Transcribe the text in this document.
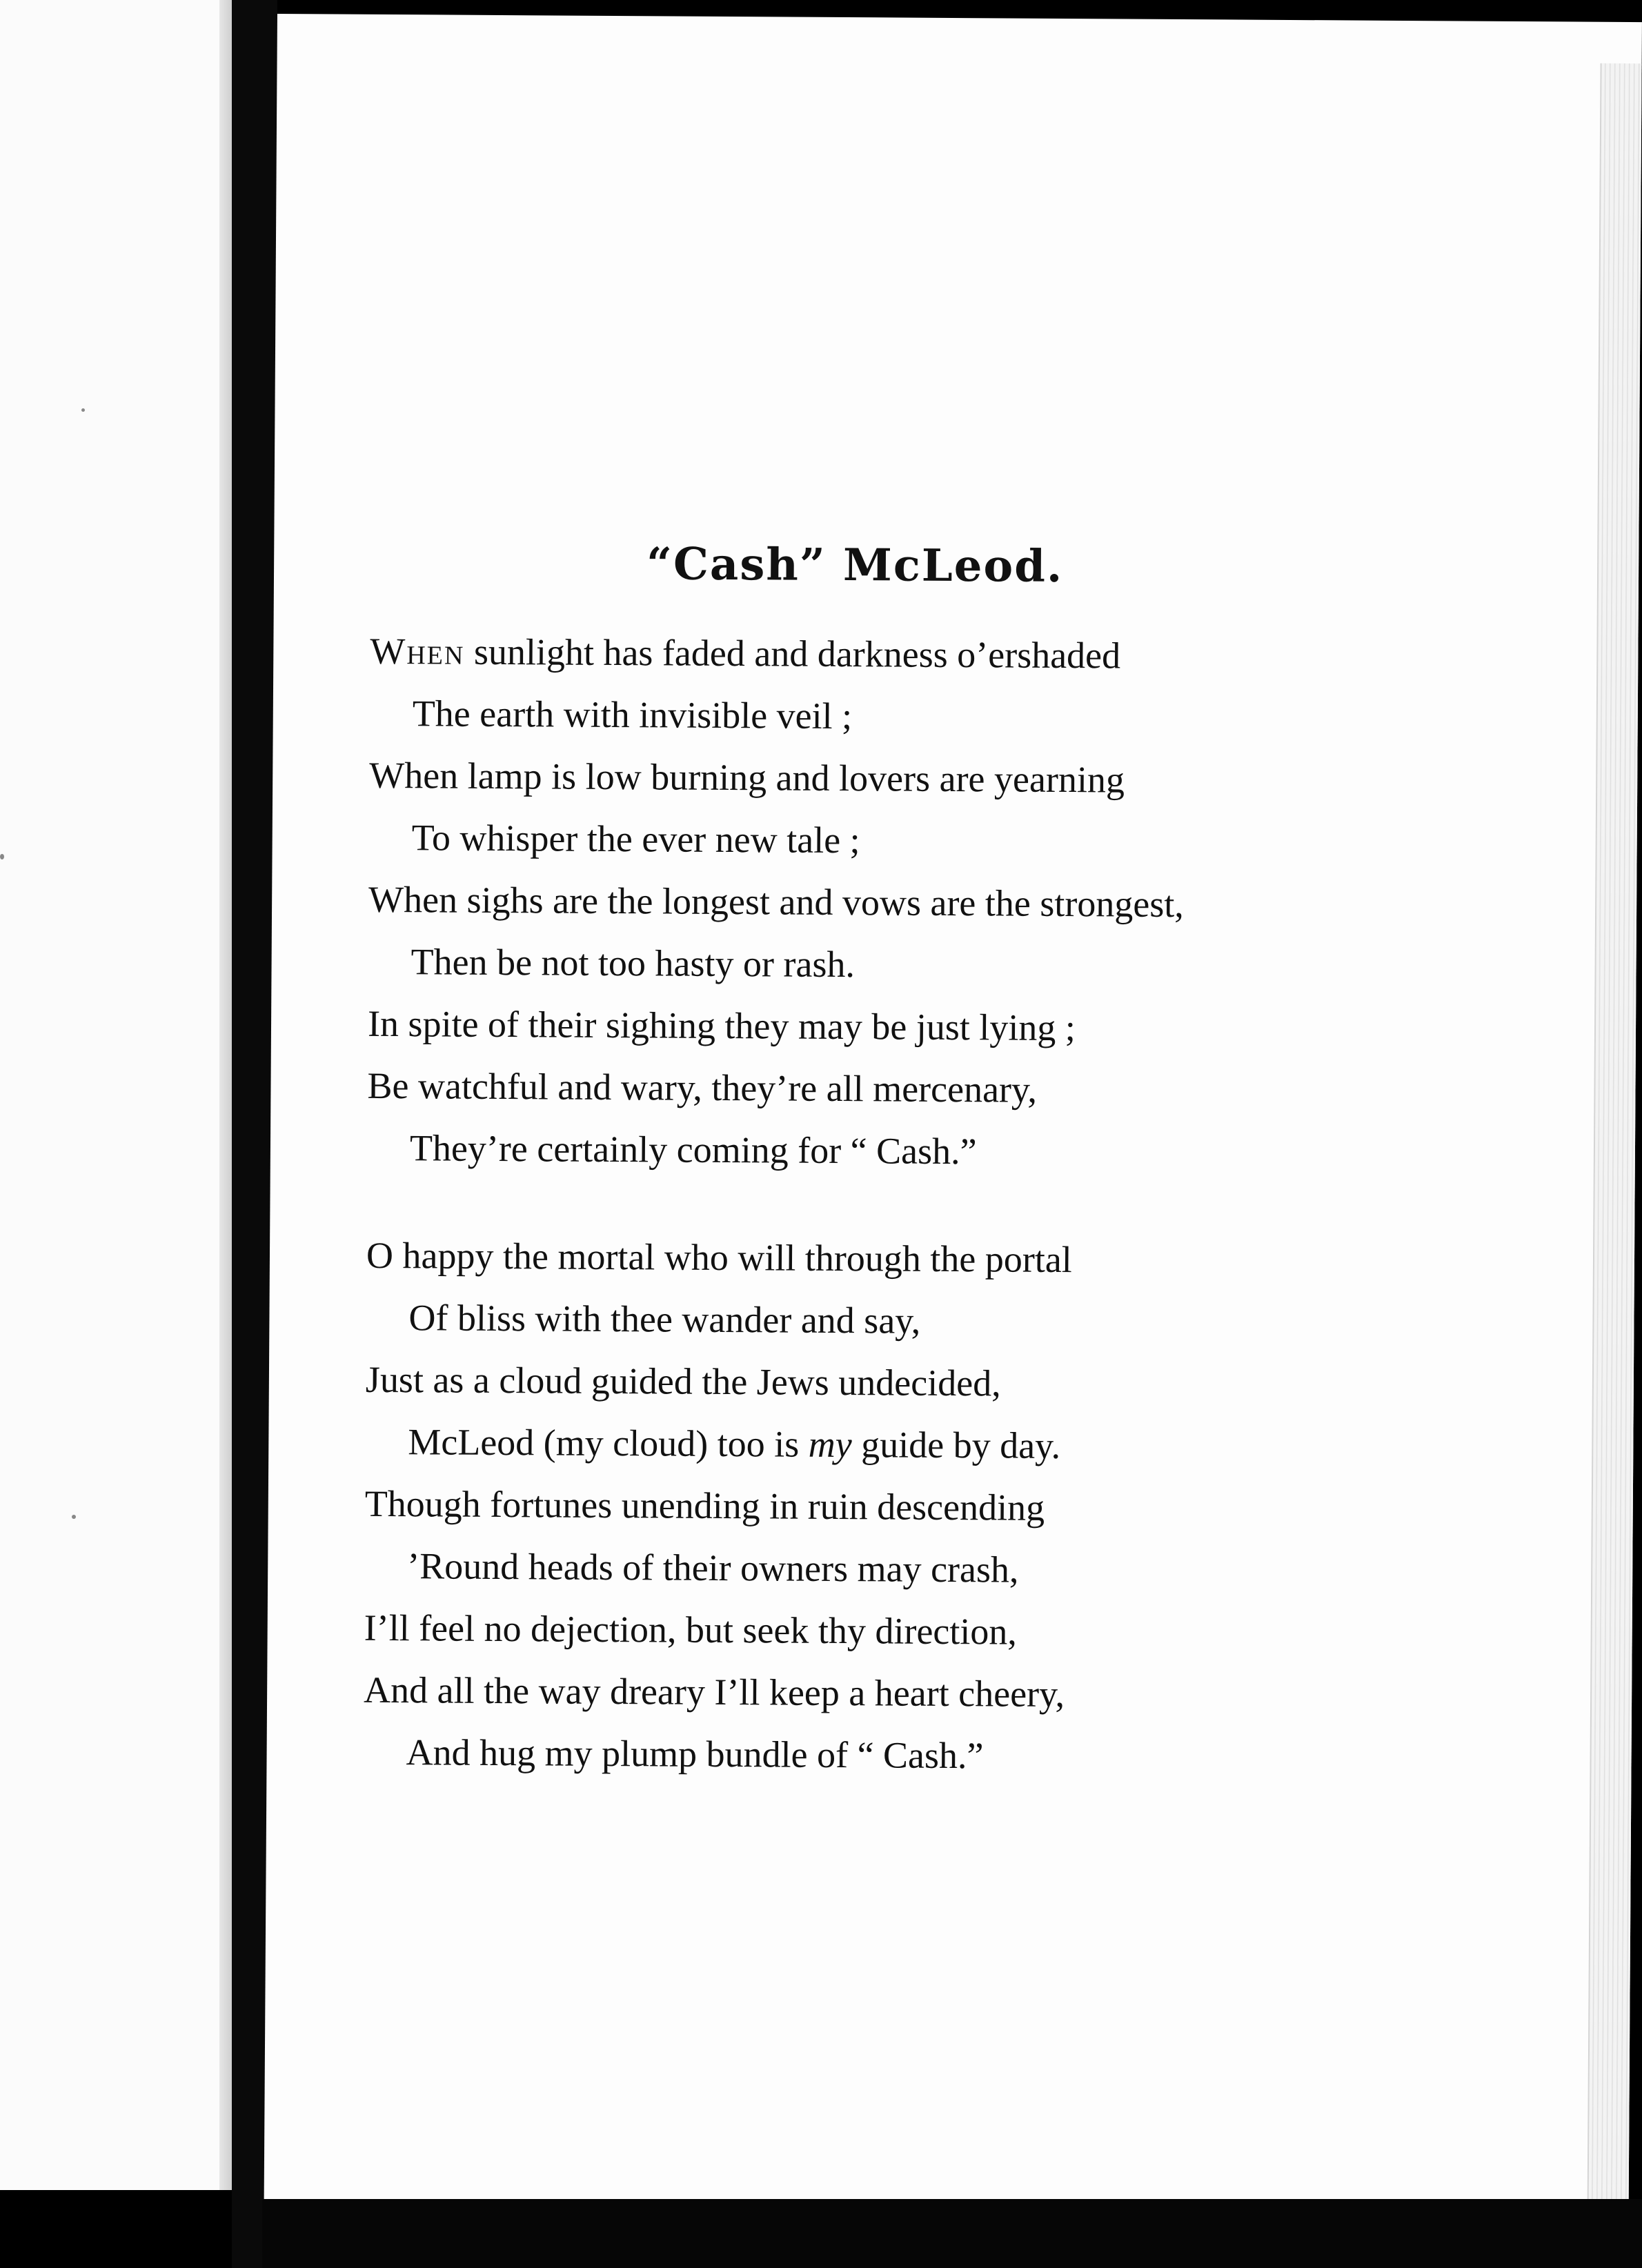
“Cash” McLeod.
When sunlight has faded and darkness o’ershaded
The earth with invisible veil ;
When lamp is low burning and lovers are yearning
To whisper the ever new tale ;
When sighs are the longest and vows are the strongest,
Then be not too hasty or rash.
In spite of their sighing they may be just lying ;
Be watchful and wary, they’re all mercenary,
They’re certainly coming for “ Cash.”
O happy the mortal who will through the portal
Of bliss with thee wander and say,
Just as a cloud guided the Jews undecided,
McLeod (my cloud) too is my guide by day.
Though fortunes unending in ruin descending
’Round heads of their owners may crash,
I’ll feel no dejection, but seek thy direction,
And all the way dreary I’ll keep a heart cheery,
And hug my plump bundle of “ Cash.”
